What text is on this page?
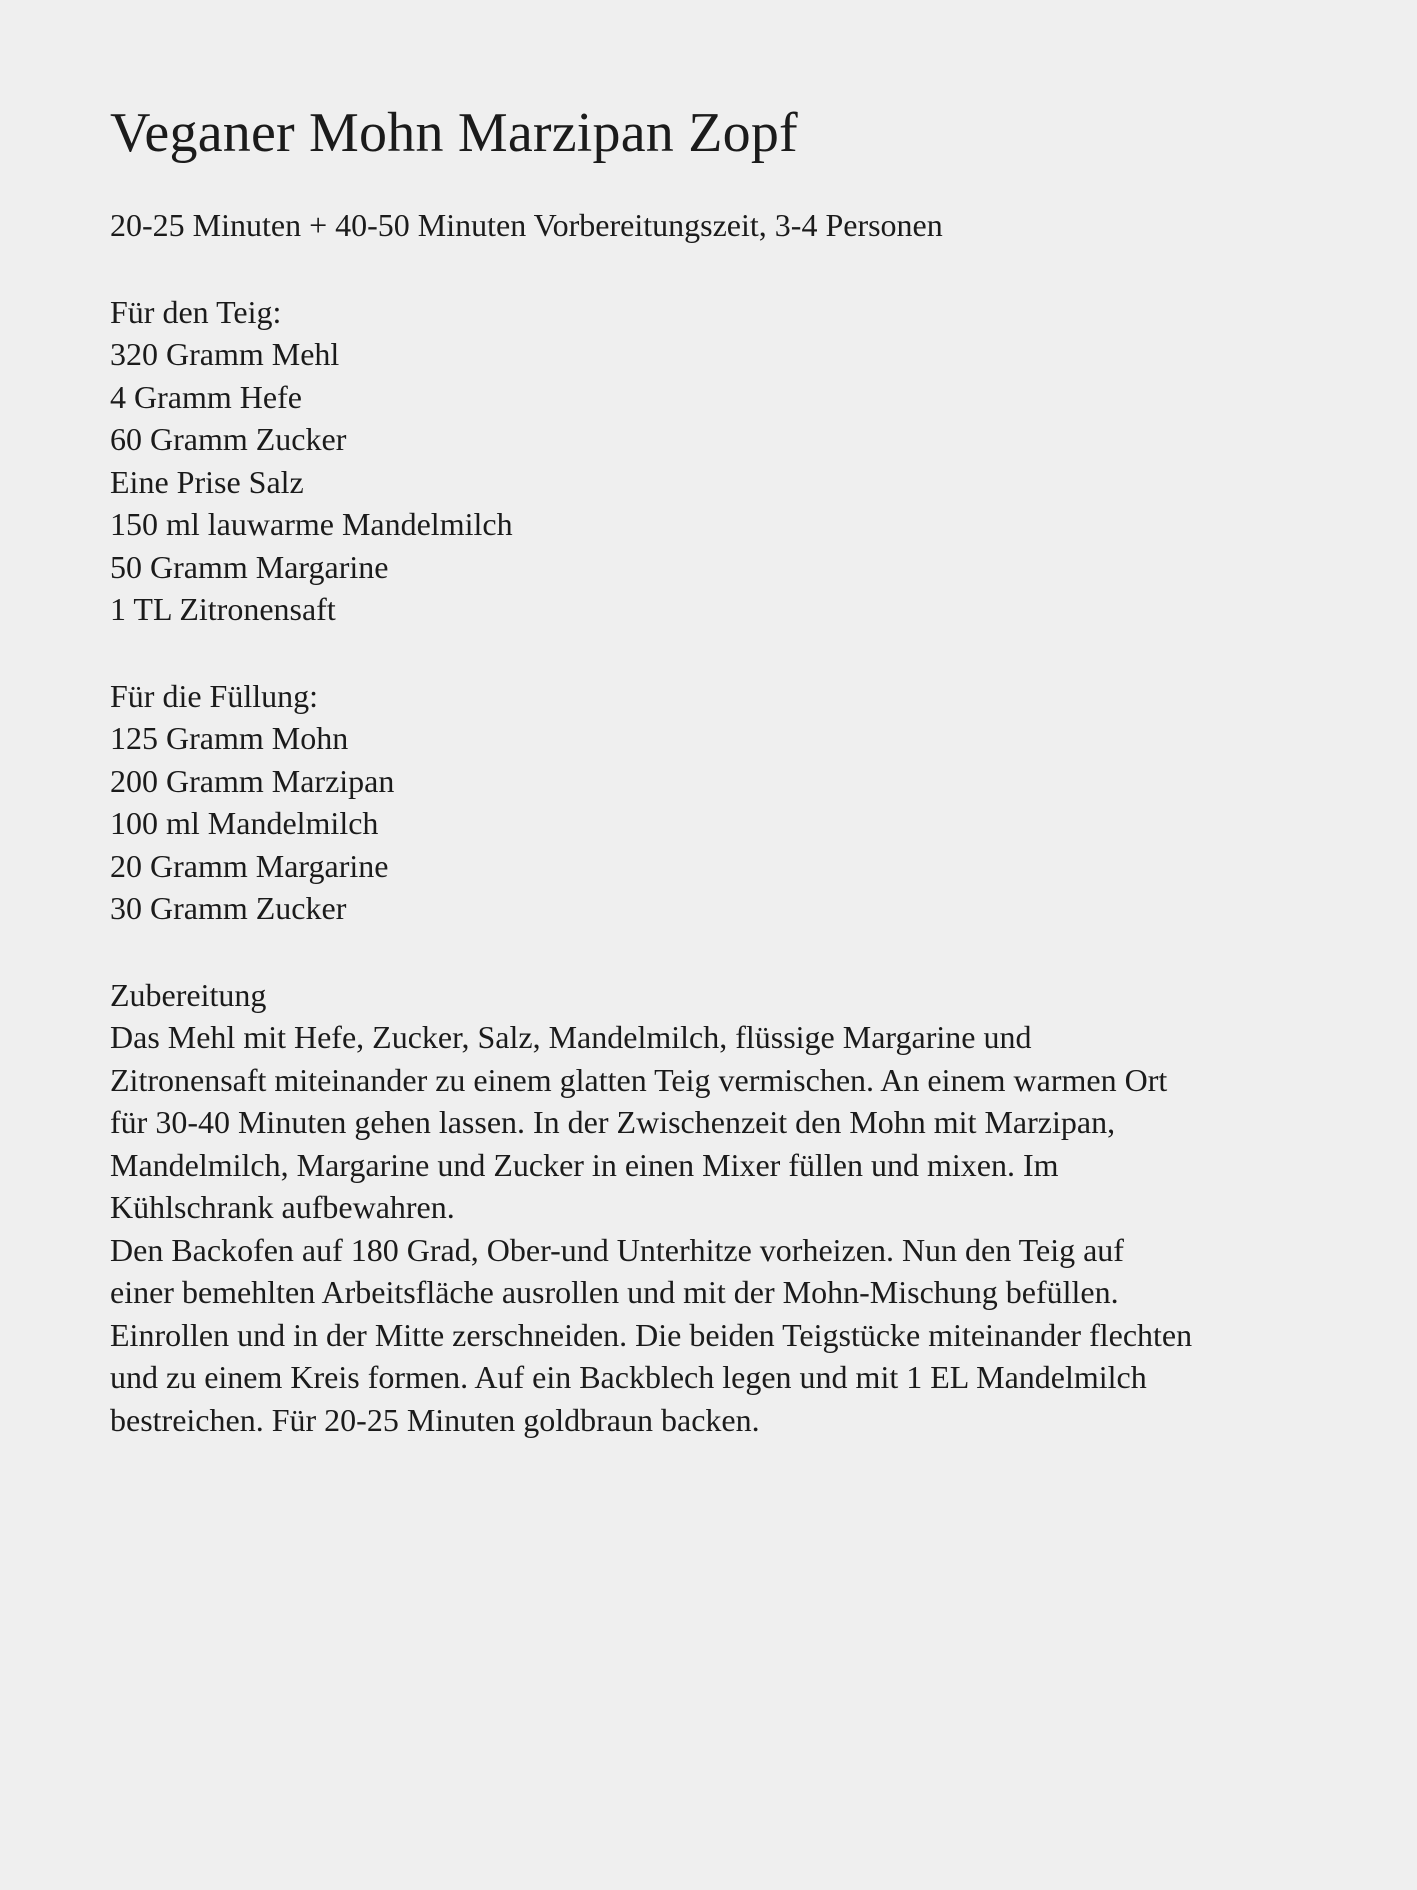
Veganer Mohn Marzipan Zopf

20-25 Minuten + 40-50 Minuten Vorbereitungszeit, 3-4 Personen

Für den Teig:
320 Gramm Mehl
4 Gramm Hefe
60 Gramm Zucker
Eine Prise Salz
150 ml lauwarme Mandelmilch
50 Gramm Margarine
1 TL Zitronensaft
Für die Füllung:
125 Gramm Mohn
200 Gramm Marzipan
100 ml Mandelmilch
20 Gramm Margarine
30 Gramm Zucker
Zubereitung

Das Mehl mit Hefe, Zucker, Salz, Mandelmilch, flüssige Margarine und
Zitronensaft miteinander zu einem glatten Teig vermischen. An einem warmen Ort
für 30-40 Minuten gehen lassen. In der Zwischenzeit den Mohn mit Marzipan,
Mandelmilch, Margarine und Zucker in einen Mixer füllen und mixen. Im
Kühlschrank aufbewahren.

Den Backofen auf 180 Grad, Ober-und Unterhitze vorheizen. Nun den Teig auf
einer bemehlten Arbeitsfläche ausrollen und mit der Mohn-Mischung befüllen.
Einrollen und in der Mitte zerschneiden. Die beiden Teigstücke miteinander flechten
und zu einem Kreis formen. Auf ein Backblech legen und mit 1 EL Mandelmilch
bestreichen. Für 20-25 Minuten goldbraun backen.
